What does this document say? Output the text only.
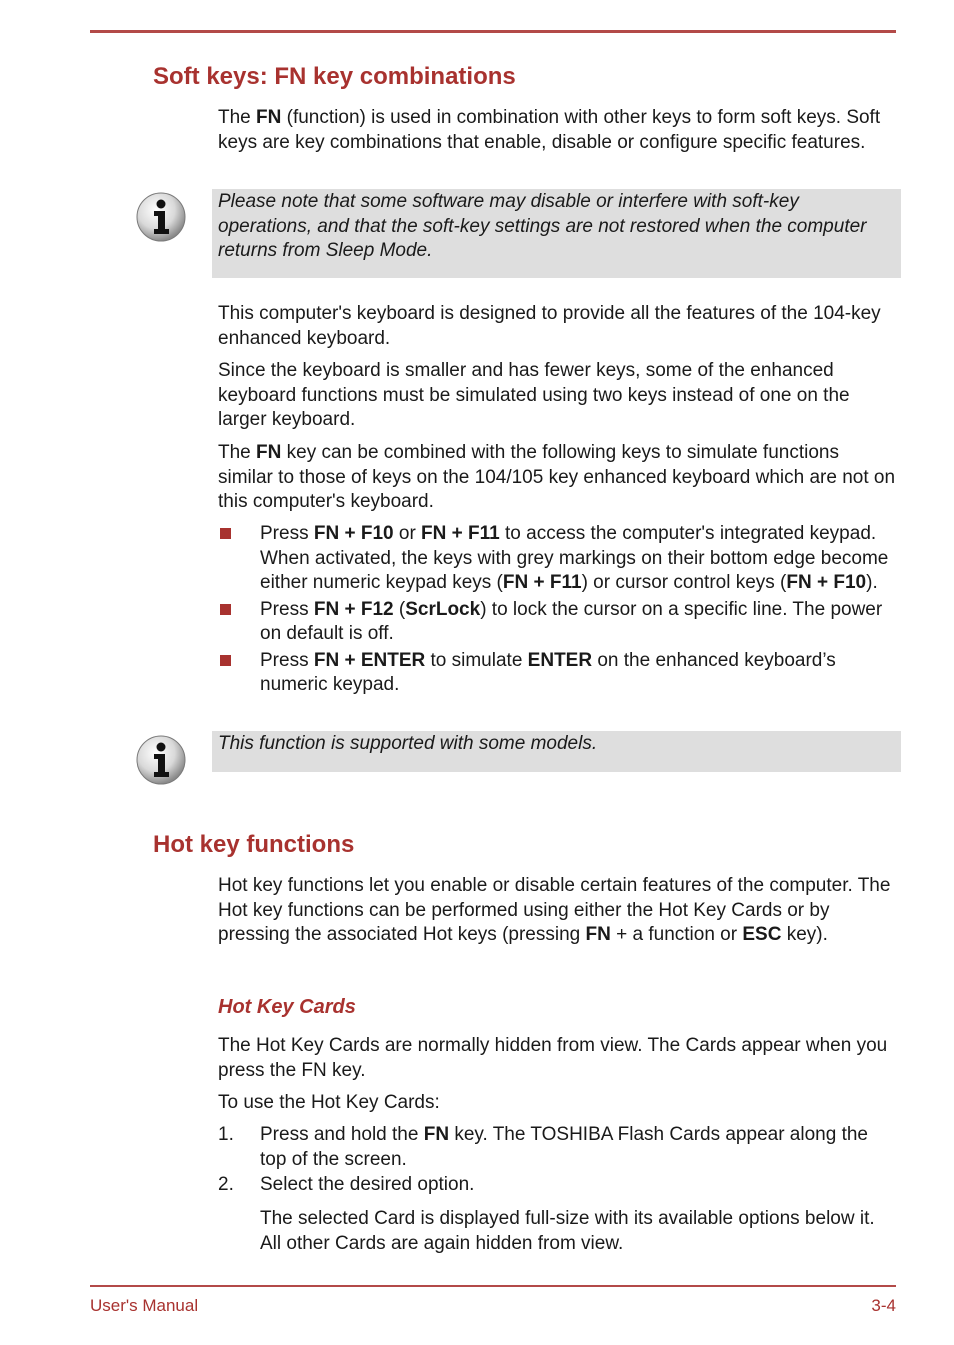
Soft keys: FN key combinations

The FN (function) is used in combination with other keys to form soft keys. Soft keys are key combinations that enable, disable or configure specific features.

Please note that some software may disable or interfere with soft-key operations, and that the soft-key settings are not restored when the computer returns from Sleep Mode.

This computer's keyboard is designed to provide all the features of the 104-key enhanced keyboard.

Since the keyboard is smaller and has fewer keys, some of the enhanced keyboard functions must be simulated using two keys instead of one on the larger keyboard.

The FN key can be combined with the following keys to simulate functions similar to those of keys on the 104/105 key enhanced keyboard which are not on this computer's keyboard.

Press FN + F10 or FN + F11 to access the computer's integrated keypad. When activated, the keys with grey markings on their bottom edge become either numeric keypad keys (FN + F11) or cursor control keys (FN + F10).
Press FN + F12 (ScrLock) to lock the cursor on a specific line. The power on default is off.
Press FN + ENTER to simulate ENTER on the enhanced keyboard’s numeric keypad.
This function is supported with some models.
Hot key functions

Hot key functions let you enable or disable certain features of the computer. The Hot key functions can be performed using either the Hot Key Cards or by pressing the associated Hot keys (pressing FN + a function or ESC key).

Hot Key Cards

The Hot Key Cards are normally hidden from view. The Cards appear when you press the FN key.

To use the Hot Key Cards:

1. Press and hold the FN key. The TOSHIBA Flash Cards appear along the top of the screen.
2. Select the desired option.

The selected Card is displayed full-size with its available options below it. All other Cards are again hidden from view.

User's Manual	3-4
